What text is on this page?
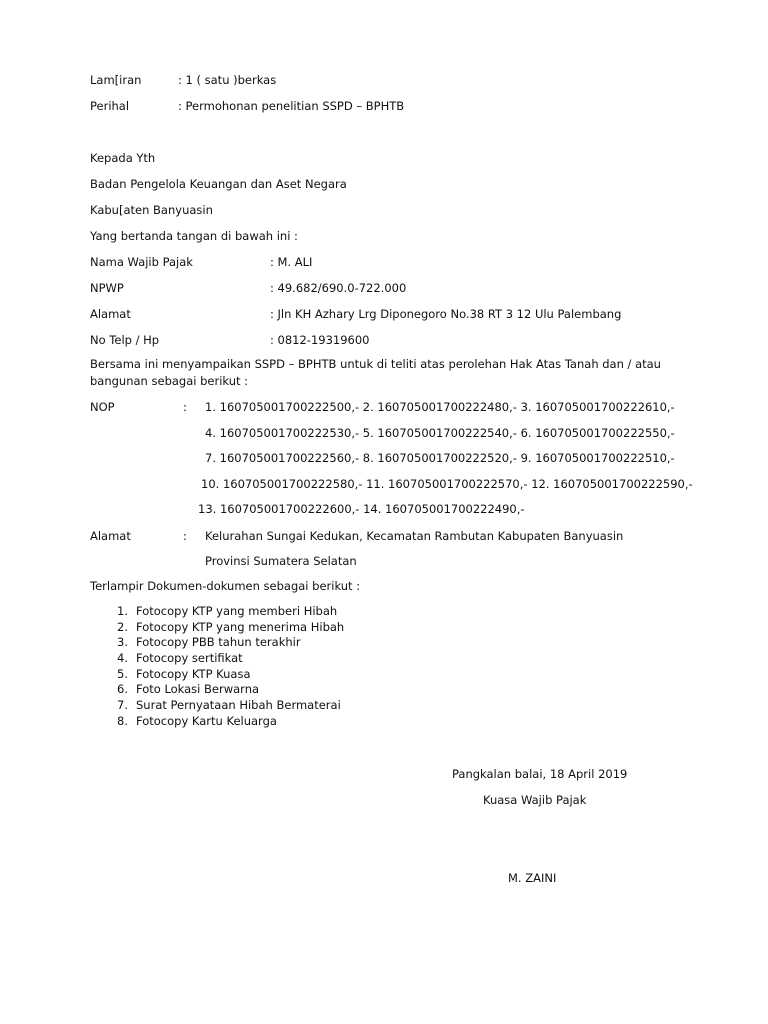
Lam[iran	: 1 ( satu )berkas
Perihal	: Permohonan penelitian SSPD – BPHTB
Kepada Yth
Badan Pengelola Keuangan dan Aset Negara
Kabu[aten Banyuasin
Yang bertanda tangan di bawah ini :
Nama Wajib Pajak	: M. ALI
NPWP	: 49.682/690.0-722.000
Alamat	: Jln KH Azhary Lrg Diponegoro No.38 RT 3 12 Ulu Palembang
No Telp / Hp	: 0812-19319600
Bersama ini menyampaikan SSPD – BPHTB untuk di teliti atas perolehan Hak Atas Tanah dan / atau
bangunan sebagai berikut :
NOP	: 1. 160705001700222500,- 2. 160705001700222480,- 3. 160705001700222610,-
4. 160705001700222530,- 5. 160705001700222540,- 6. 160705001700222550,-
7. 160705001700222560,- 8. 160705001700222520,- 9. 160705001700222510,-
10. 160705001700222580,- 11. 160705001700222570,- 12. 160705001700222590,-
13. 160705001700222600,- 14. 160705001700222490,-
Alamat	: Kelurahan Sungai Kedukan, Kecamatan Rambutan Kabupaten Banyuasin
Provinsi Sumatera Selatan
Terlampir Dokumen-dokumen sebagai berikut :
1. Fotocopy KTP yang memberi Hibah
2. Fotocopy KTP yang menerima Hibah
3. Fotocopy PBB tahun terakhir
4. Fotocopy sertifikat
5. Fotocopy KTP Kuasa
6. Foto Lokasi Berwarna
7. Surat Pernyataan Hibah Bermaterai
8. Fotocopy Kartu Keluarga
Pangkalan balai, 18 April 2019
Kuasa Wajib Pajak
M. ZAINI
